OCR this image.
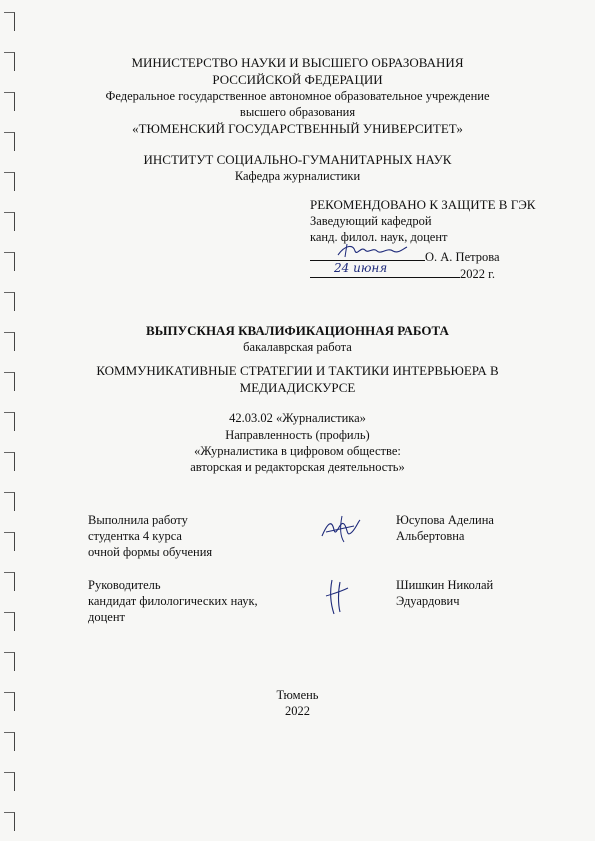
МИНИСТЕРСТВО НАУКИ И ВЫСШЕГО ОБРАЗОВАНИЯ
РОССИЙСКОЙ ФЕДЕРАЦИИ
Федеральное государственное автономное образовательное учреждение
высшего образования
«ТЮМЕНСКИЙ ГОСУДАРСТВЕННЫЙ УНИВЕРСИТЕТ»
ИНСТИТУТ СОЦИАЛЬНО-ГУМАНИТАРНЫХ НАУК
Кафедра журналистики
РЕКОМЕНДОВАНО К ЗАЩИТЕ В ГЭК
Заведующий кафедрой
канд. филол. наук, доцент
О. А. Петрова
24 июня	2022 г.
ВЫПУСКНАЯ КВАЛИФИКАЦИОННАЯ РАБОТА
бакалаврская работа
КОММУНИКАТИВНЫЕ СТРАТЕГИИ И ТАКТИКИ ИНТЕРВЬЮЕРА В
МЕДИАДИСКУРСЕ
42.03.02 «Журналистика»
Направленность (профиль)
«Журналистика в цифровом обществе:
авторская и редакторская деятельность»
Выполнила работу
студентка 4 курса
очной формы обучения
Юсупова Аделина
Альбертовна
Руководитель
кандидат филологических наук,
доцент
Шишкин Николай
Эдуардович
Тюмень
2022
